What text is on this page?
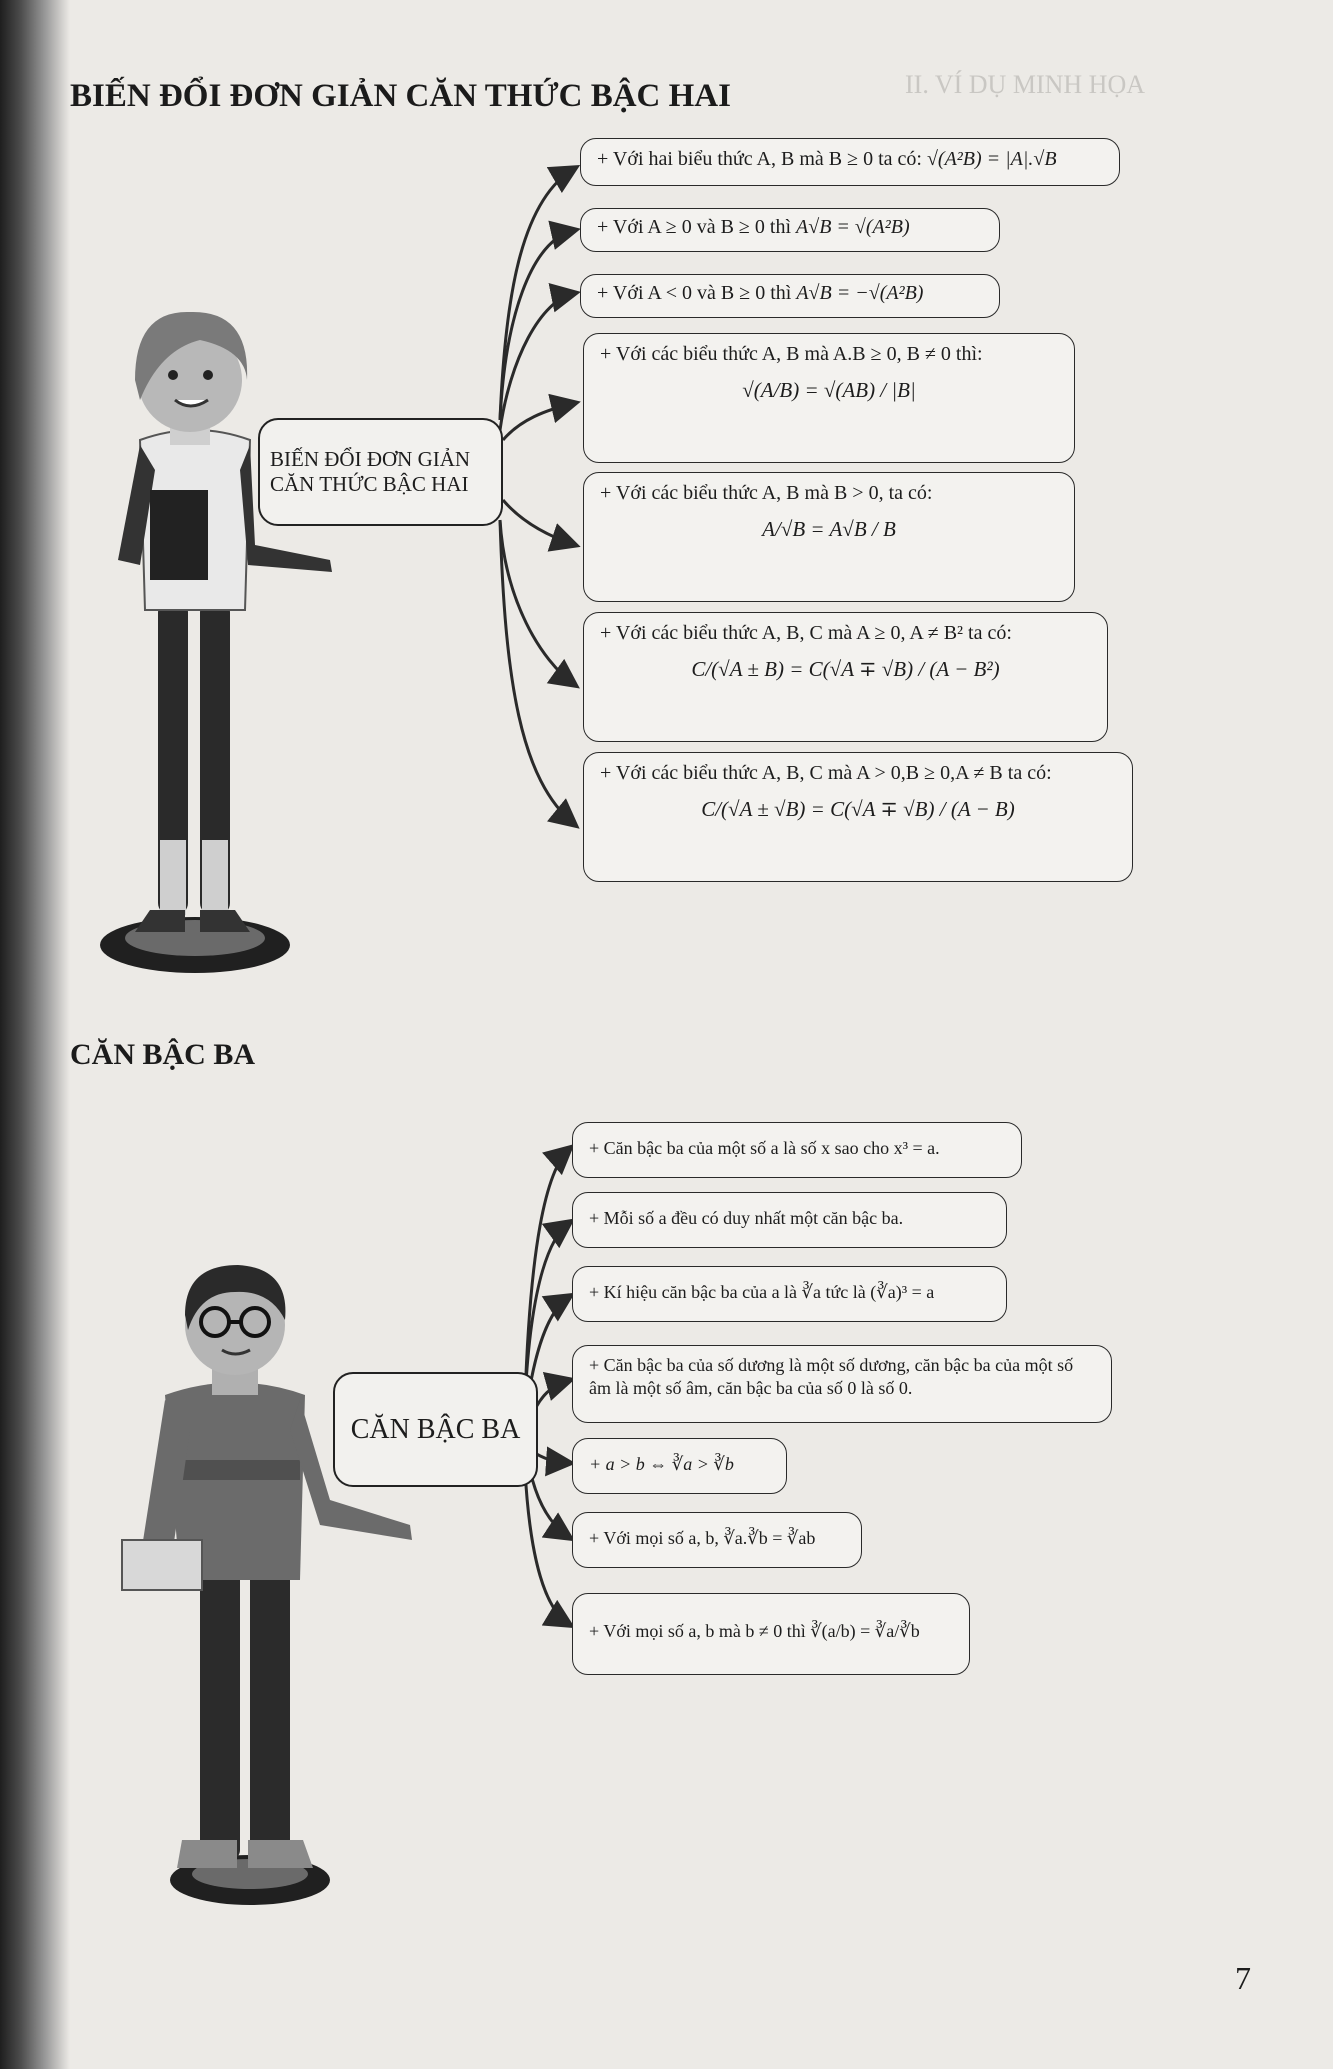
II. VÍ DỤ MINH HỌA
BIẾN ĐỔI ĐƠN GIẢN CĂN THỨC BẬC HAI
BIẾN ĐỔI ĐƠN GIẢN
CĂN THỨC BẬC HAI
+ Với hai biểu thức A, B mà B ≥ 0 ta có: √(A²B) = |A|.√B
+ Với A ≥ 0 và B ≥ 0 thì A√B = √(A²B)
+ Với A < 0 và B ≥ 0 thì A√B = −√(A²B)
+ Với các biểu thức A, B mà A.B ≥ 0, B ≠ 0 thì:
√(A/B) = √(AB) / |B|
+ Với các biểu thức A, B mà B > 0, ta có:
A/√B = A√B / B
+ Với các biểu thức A, B, C mà A ≥ 0, A ≠ B² ta có:
C/(√A ± B) = C(√A ∓ √B) / (A − B²)
+ Với các biểu thức A, B, C mà A > 0,B ≥ 0,A ≠ B ta có:
C/(√A ± √B) = C(√A ∓ √B) / (A − B)
CĂN BẬC BA
CĂN BẬC BA
+ Căn bậc ba của một số a là số x sao cho x³ = a.
+ Mỗi số a đều có duy nhất một căn bậc ba.
+ Kí hiệu căn bậc ba của a là ∛a tức là (∛a)³ = a
+ Căn bậc ba của số dương là một số dương, căn bậc ba của một số âm là một số âm, căn bậc ba của số 0 là số 0.
+ a > b ⇔ ∛a > ∛b
+ Với mọi số a, b, ∛a.∛b = ∛ab
+ Với mọi số a, b mà b ≠ 0 thì ∛(a/b) = ∛a/∛b
7
